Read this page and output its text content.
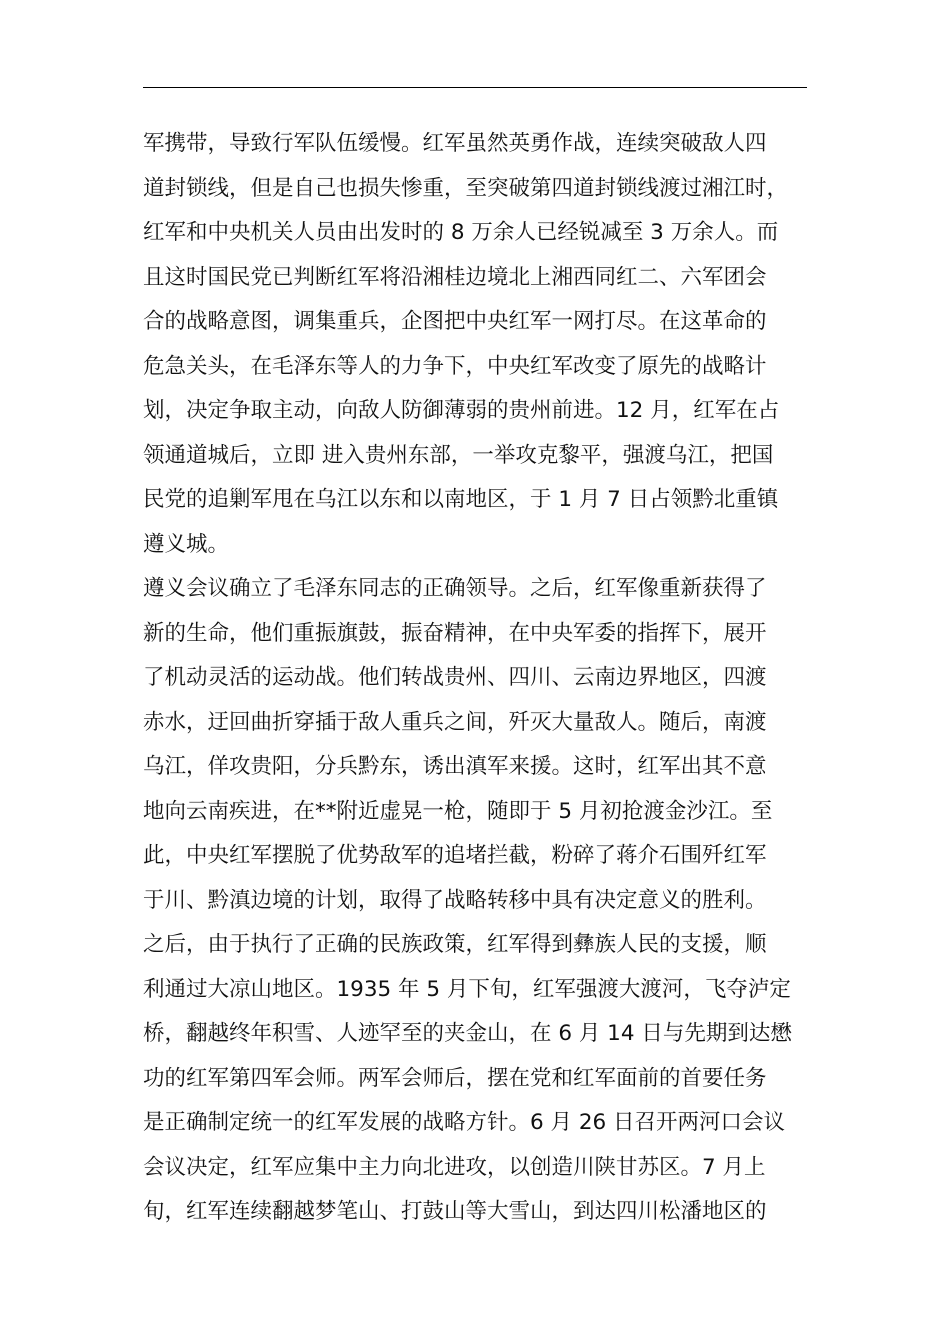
军携带，导致行军队伍缓慢。红军虽然英勇作战，连续突破敌人四
道封锁线，但是自己也损失惨重，至突破第四道封锁线渡过湘江时，
红军和中央机关人员由出发时的 8 万余人已经锐减至 3 万余人。而
且这时国民党已判断红军将沿湘桂边境北上湘西同红二、六军团会
合的战略意图，调集重兵，企图把中央红军一网打尽。在这革命的
危急关头，在毛泽东等人的力争下，中央红军改变了原先的战略计
划，决定争取主动，向敌人防御薄弱的贵州前进。12 月，红军在占
领通道城后，立即 进入贵州东部，一举攻克黎平，强渡乌江，把国
民党的追剿军甩在乌江以东和以南地区，于 1 月 7 日占领黔北重镇
遵义城。
遵义会议确立了毛泽东同志的正确领导。之后，红军像重新获得了
新的生命，他们重振旗鼓，振奋精神，在中央军委的指挥下，展开
了机动灵活的运动战。他们转战贵州、四川、云南边界地区，四渡
赤水，迂回曲折穿插于敌人重兵之间，歼灭大量敌人。随后，南渡
乌江，佯攻贵阳，分兵黔东，诱出滇军来援。这时，红军出其不意
地向云南疾进，在**附近虚晃一枪，随即于 5 月初抢渡金沙江。至
此，中央红军摆脱了优势敌军的追堵拦截，粉碎了蒋介石围歼红军
于川、黔滇边境的计划，取得了战略转移中具有决定意义的胜利。
之后，由于执行了正确的民族政策，红军得到彝族人民的支援，顺
利通过大凉山地区。1935 年 5 月下旬，红军强渡大渡河，飞夺泸定
桥，翻越终年积雪、人迹罕至的夹金山，在 6 月 14 日与先期到达懋
功的红军第四军会师。两军会师后，摆在党和红军面前的首要任务
是正确制定统一的红军发展的战略方针。6 月 26 日召开两河口会议
会议决定，红军应集中主力向北进攻，以创造川陕甘苏区。7 月上
旬，红军连续翻越梦笔山、打鼓山等大雪山，到达四川松潘地区的
